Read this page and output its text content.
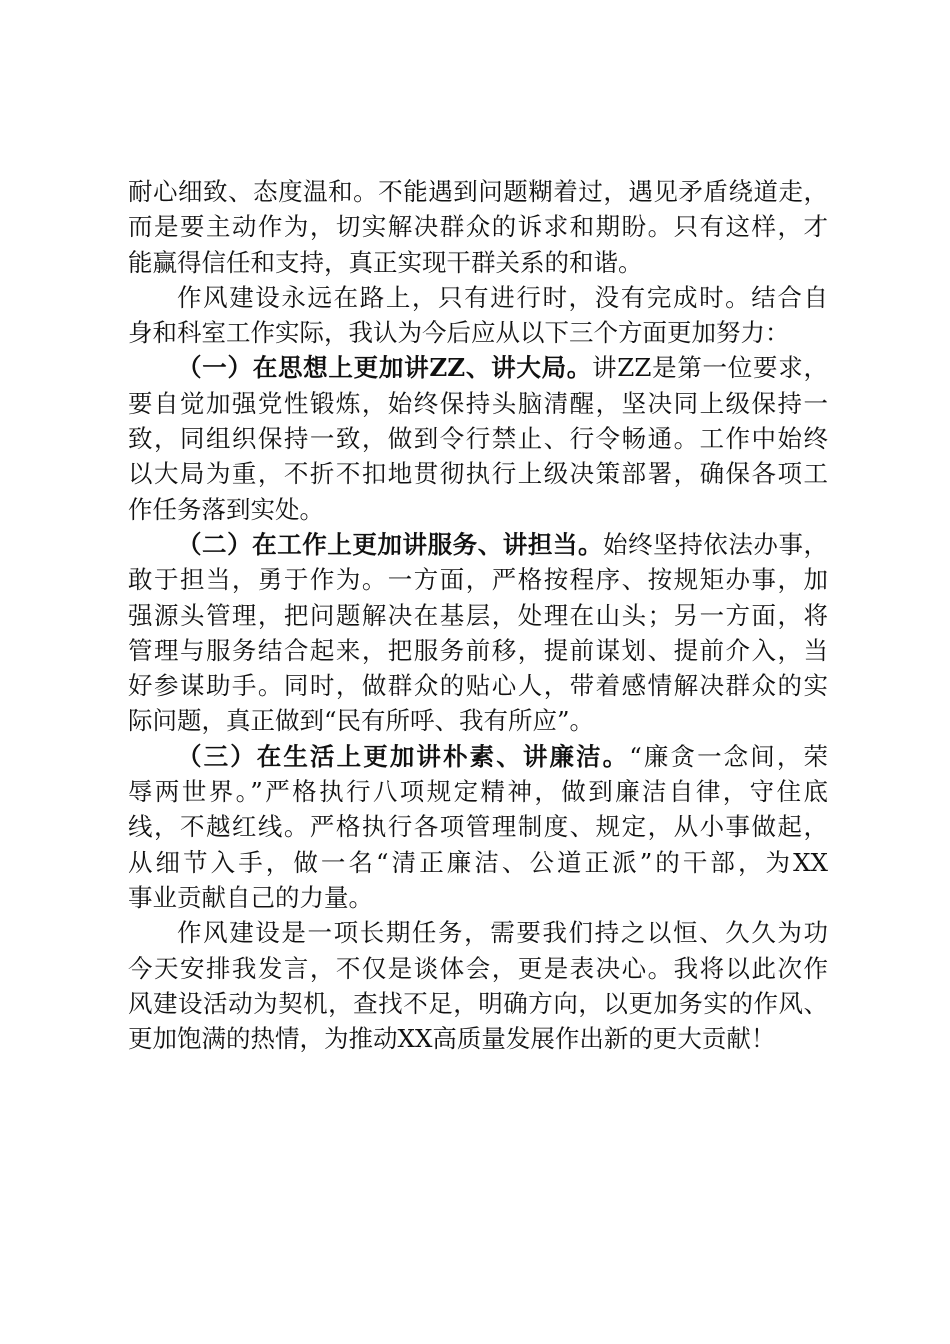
耐心细致、态度温和。不能遇到问题糊着过，遇见矛盾绕道走，
而是要主动作为，切实解决群众的诉求和期盼。只有这样，才
能赢得信任和支持，真正实现干群关系的和谐。
作风建设永远在路上，只有进行时，没有完成时。结合自
身和科室工作实际，我认为今后应从以下三个方面更加努力：
（一）在思想上更加讲ZZ、讲大局。讲ZZ是第一位要求，
要自觉加强党性锻炼，始终保持头脑清醒，坚决同上级保持一
致，同组织保持一致，做到令行禁止、行令畅通。工作中始终
以大局为重，不折不扣地贯彻执行上级决策部署，确保各项工
作任务落到实处。
（二）在工作上更加讲服务、讲担当。始终坚持依法办事，
敢于担当，勇于作为。一方面，严格按程序、按规矩办事，加
强源头管理，把问题解决在基层，处理在山头；另一方面，将
管理与服务结合起来，把服务前移，提前谋划、提前介入，当
好参谋助手。同时，做群众的贴心人，带着感情解决群众的实
际问题，真正做到“民有所呼、我有所应”。
（三）在生活上更加讲朴素、讲廉洁。“廉贪一念间，荣
辱两世界。”严格执行八项规定精神，做到廉洁自律，守住底
线，不越红线。严格执行各项管理制度、规定，从小事做起，
从细节入手，做一名“清正廉洁、公道正派”的干部，为XX
事业贡献自己的力量。
作风建设是一项长期任务，需要我们持之以恒、久久为功
今天安排我发言，不仅是谈体会，更是表决心。我将以此次作
风建设活动为契机，查找不足，明确方向，以更加务实的作风、
更加饱满的热情，为推动XX高质量发展作出新的更大贡献！
